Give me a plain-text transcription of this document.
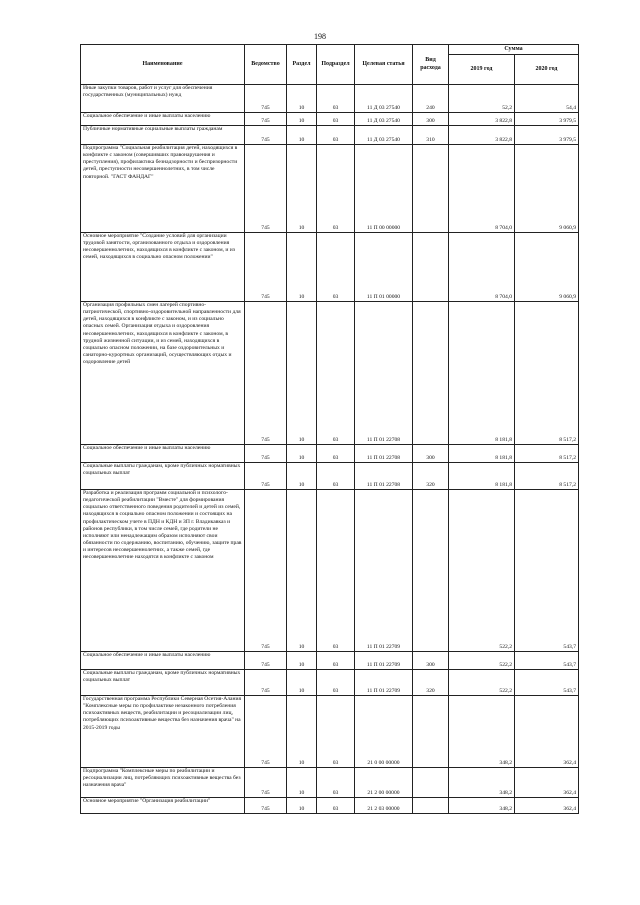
198
Наименование	Ведомство	Раздел	Подраздел	Целевая статья	Вид расхода	Сумма	
						2019 год	2020 год
Иные закупки товаров, работ и услуг для обеспечения государственных (муниципальных) нужд	745	10	03	11 Д 03 27540	240	52,2	54,4
Социальное обеспечение и иные выплаты населению	745	10	03	11 Д 03 27540	300	3 822,8	3 979,5
Публичные нормативные социальные выплаты гражданам	745	10	03	11 Д 03 27540	310	3 822,8	3 979,5
Подпрограмма "Социальная реабилитация детей, находящихся в конфликте с законом (совершивших правонарушения и преступления), профилактика безнадзорности и беспризорности детей, преступности несовершеннолетних, в том числе повторной. "ГАСТ ФАНДАГ"	745	10	03	11 П 00 00000		8 704,0	9 060,9
Основное мероприятие "Создание условий для организации трудовой занятости, организованного отдыха и оздоровления несовершеннолетних, находящихся в конфликте с законом, и из семей, находящихся в социально опасном положении"	745	10	03	11 П 01 00000		8 704,0	9 060,9
Организация профильных смен лагерей спортивно-патриотической, спортивно-оздоровительной направленности для детей, находящихся в конфликте с законом, и из социально опасных семей. Организация отдыха и оздоровления несовершеннолетних, находящихся в конфликте с законом, в трудной жизненной ситуации, и из семей, находящихся в социально опасном положении, на базе оздоровительных и санаторно-курортных организаций, осуществляющих отдых и оздоровление детей	745	10	03	11 П 01 22708		8 181,8	8 517,2
Социальное обеспечение и иные выплаты населению	745	10	03	11 П 01 22708	300	8 181,8	8 517,2
Социальные выплаты гражданам, кроме публичных нормативных социальных выплат	745	10	03	11 П 01 22708	320	8 181,8	8 517,2
Разработка и реализация программ социальной и психолого-педагогической реабилитации "Вместе" для формирования социально ответственного поведения родителей и детей из семей, находящихся в социально опасном положении и состоящих на профилактическом учете в ПДН и КДН и ЗП г. Владикавказ и районов республики, в том числе семей, где родители не исполняют или ненадлежащим образом исполняют свои обязанности по содержанию, воспитанию, обучению, защите прав и интересов несовершеннолетних, а также семей, где несовершеннолетние находятся в конфликте с законом	745	10	03	11 П 01 22709		522,2	543,7
Социальное обеспечение и иные выплаты населению	745	10	03	11 П 01 22709	300	522,2	543,7
Социальные выплаты гражданам, кроме публичных нормативных социальных выплат	745	10	03	11 П 01 22709	320	522,2	543,7
Государственная программа Республики Северная Осетия-Алания "Комплексные меры по профилактике незаконного потребления психоактивных веществ, реабилитации и ресоциализации лиц, потребляющих психоактивные вещества без назначения врача" на 2015-2019 годы	745	10	03	21 0 00 00000		348,2	362,4
Подпрограмма "Комплексные меры по реабилитации и ресоциализации лиц, потребляющих психоактивные вещества без назначения врача"	745	10	03	21 2 00 00000		348,2	362,4
Основное мероприятие "Организация реабилитации"	745	10	03	21 2 03 00000		348,2	362,4
